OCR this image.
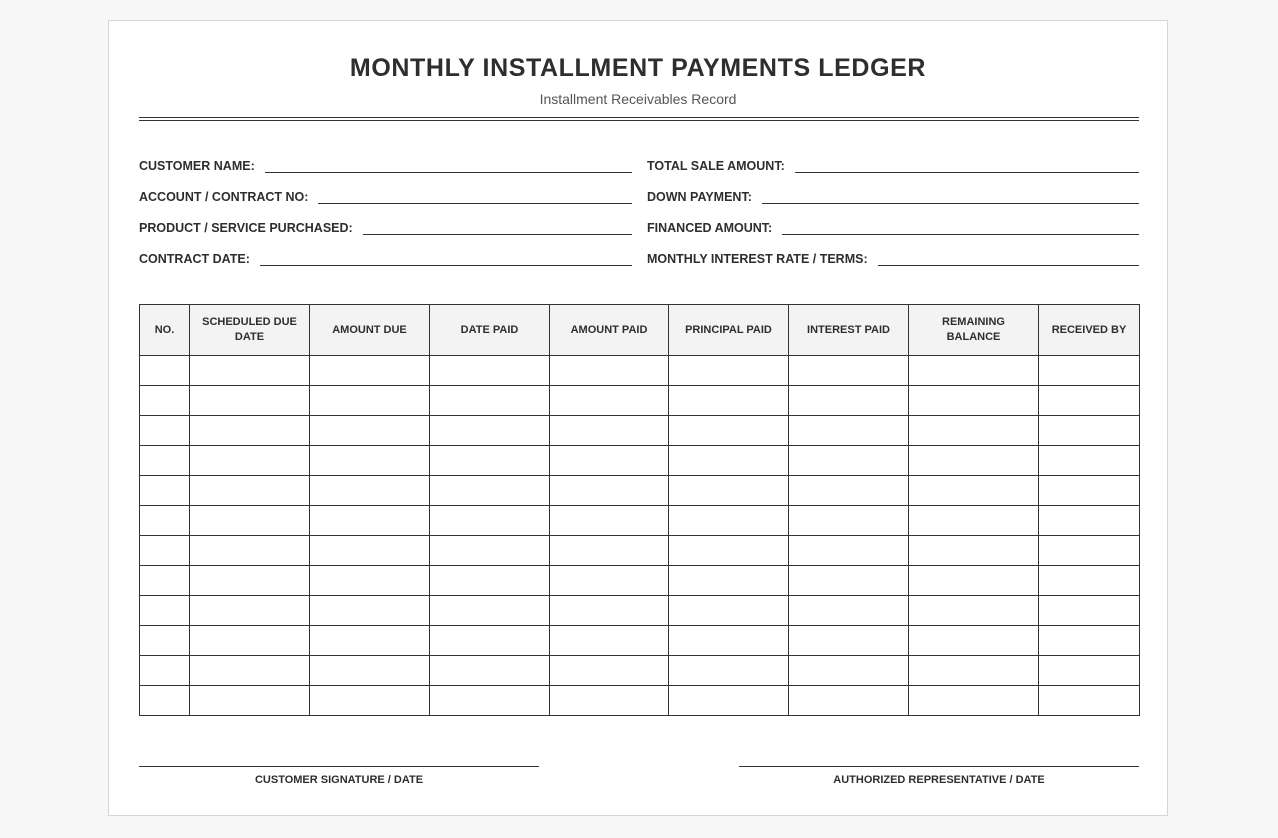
MONTHLY INSTALLMENT PAYMENTS LEDGER
Installment Receivables Record
CUSTOMER NAME:
ACCOUNT / CONTRACT NO:
PRODUCT / SERVICE PURCHASED:
CONTRACT DATE:
TOTAL SALE AMOUNT:
DOWN PAYMENT:
FINANCED AMOUNT:
MONTHLY INTEREST RATE / TERMS:
NO.	SCHEDULED DUE DATE	AMOUNT DUE	DATE PAID	AMOUNT PAID	PRINCIPAL PAID	INTEREST PAID	REMAINING BALANCE	RECEIVED BY

CUSTOMER SIGNATURE / DATE	AUTHORIZED REPRESENTATIVE / DATE
